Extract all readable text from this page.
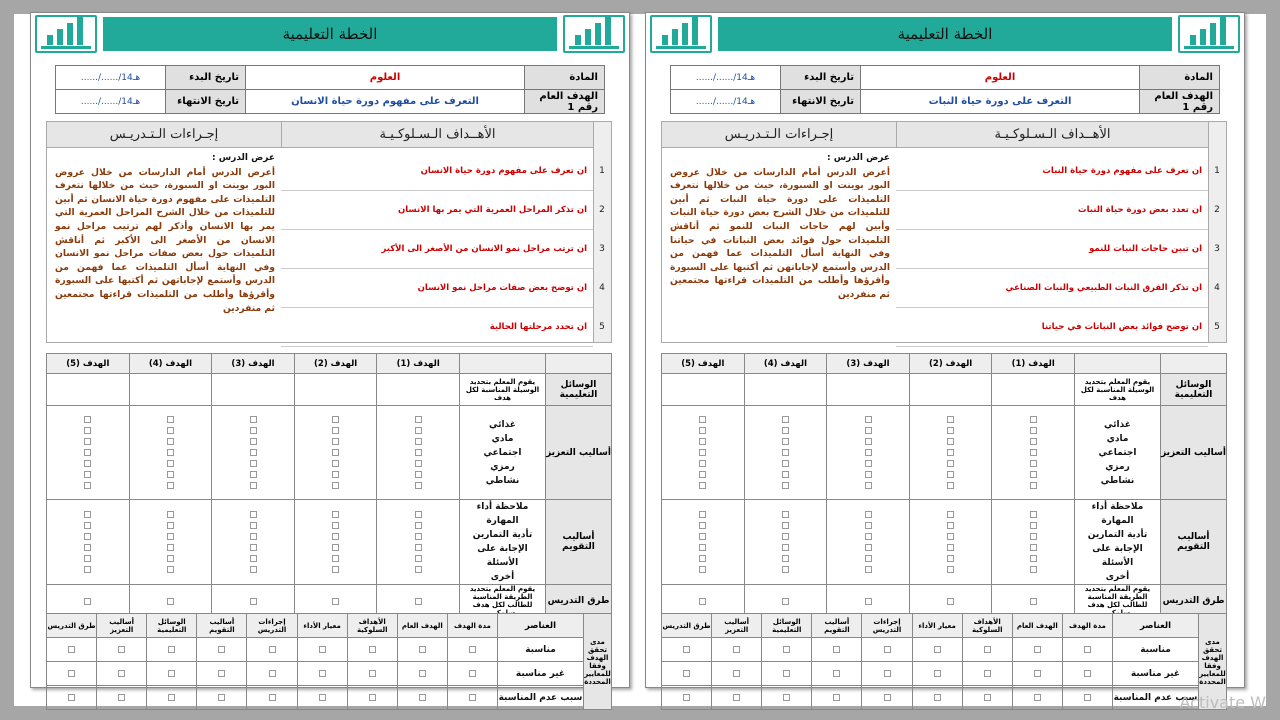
الخطة التعليمية
المادة	العلوم	تاريخ البدء	....../....../14هـ
الهدف العام رقم 1	التعرف على مفهوم دورة حياة الانسان	تاريخ الانتهاء	....../....../14هـ
الأهــداف الـسـلوكـيـة
إجـراءات الـتـدريـس
ان تعرف على مفهوم دورة حياة الانسان	1
ان تذكر المراحل العمرية التي يمر بها الانسان	2
ان ترتب مراحل نمو الانسان من الأصغر الى الأكبر	3
ان توضح بعض صفات مراحل نمو الانسان	4
ان تحدد مرحلتها الحالية	5
عرض الدرس :
أعرض الدرس أمام الدارسات من خلال عروض البور بوينت او السبورة، حيث من خلالها نتعرف التلميذات على مفهوم دورة حياة الانسان ثم أبين للتلميذات من خلال الشرح المراحل العمرية التي يمر بها الانسان وأذكر لهم ترتيب مراحل نمو الانسان من الأصغر الى الأكبر ثم أناقش التلميذات حول بعض صفات مراحل نمو الانسان وفي النهاية أسأل التلميذات عما فهمن من الدرس وأستمع لإجاباتهن ثم أكتبها على السبورة وأقرؤها وأطلب من التلميذات قراءتها مجتمعين ثم منفردين
		الهدف (1)	الهدف (2)	الهدف (3)	الهدف (4)	الهدف (5)
الوسائل التعليمية	يقوم المعلم بتحديد الوسيلة المناسبة لكل هدف					
أساليب التعزيز	غذائي
مادي
اجتماعي
رمزي
نشاطي					

أساليب التقويم	ملاحظة أداء المهارة
تأدية التمارين
الإجابة على الأسئلة
أخرى					

طرق التدريس	يقوم المعلم بتحديد الطريقة المناسبة للطالب لكل هدف	

مدى تحقق الهدف وفقا للمعايير المحددة	العناصر	مدة الهدف	الهدف العام	الأهداف السلوكية	معيار الأداء	إجراءات التدريس	أساليب التقويم	الوسائل التعليمية	أساليب التعزيز	طرق التدريس
	مناسبة	

	غير مناسبة	

	سبب عدم المناسبة	

الخطة التعليمية
المادة	العلوم	تاريخ البدء	....../....../14هـ
الهدف العام رقم 1	التعرف على دورة حياة النبات	تاريخ الانتهاء	....../....../14هـ
الأهــداف الـسـلوكـيـة
إجـراءات الـتـدريـس
ان تعرف على مفهوم دورة حياة النبات	1
ان تعدد بعض دورة حياة النبات	2
ان تبين حاجات النبات للنمو	3
ان تذكر الفرق النبات الطبيعي والنبات الصناعي	4
ان توضح فوائد بعض النباتات في حياتنا	5
عرض الدرس :
أعرض الدرس أمام الدارسات من خلال عروض البور بوينت او السبورة، حيث من خلالها نتعرف التلميذات على دورة حياة النبات ثم أبين للتلميذات من خلال الشرح بعض دورة حياة النبات وأبين لهم حاجات النبات للنمو ثم أناقش التلميذات حول فوائد بعض النباتات في حياتنا وفي النهاية أسأل التلميذات عما فهمن من الدرس وأستمع لإجاباتهن ثم أكتبها على السبورة وأقرؤها وأطلب من التلميذات قراءتها مجتمعين ثم منفردين
		الهدف (1)	الهدف (2)	الهدف (3)	الهدف (4)	الهدف (5)
الوسائل التعليمية	يقوم المعلم بتحديد الوسيلة المناسبة لكل هدف					
أساليب التعزيز	غذائي
مادي
اجتماعي
رمزي
نشاطي					

أساليب التقويم	ملاحظة أداء المهارة
تأدية التمارين
الإجابة على الأسئلة
أخرى					

طرق التدريس	يقوم المعلم بتحديد الطريقة المناسبة للطالب لكل هدف	

مدى تحقق الهدف وفقا للمعايير المحددة	العناصر	مدة الهدف	الهدف العام	الأهداف السلوكية	معيار الأداء	إجراءات التدريس	أساليب التقويم	الوسائل التعليمية	أساليب التعزيز	طرق التدريس
	مناسبة	

	غير مناسبة	

	سبب عدم المناسبة	

Activate W
